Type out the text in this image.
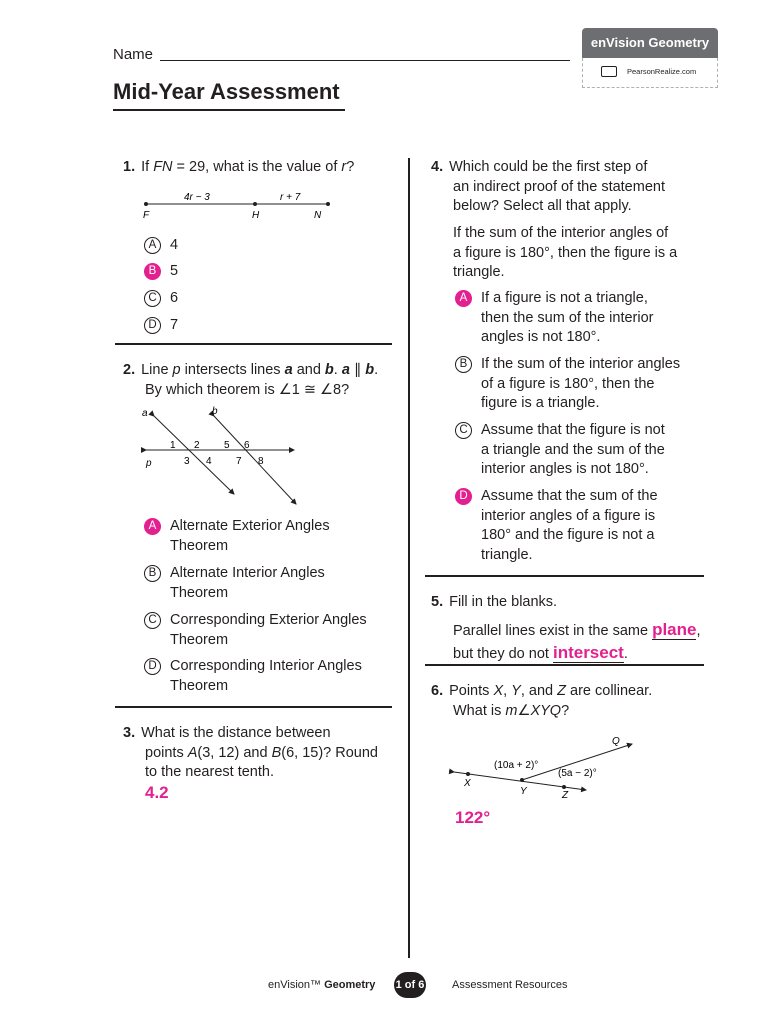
Name
Mid-Year Assessment
enVision Geometry
PearsonRealize.com
1. If FN = 29, what is the value of r?
4r − 3	r + 7
F	H	N
A 4
B 5
C 6
D 7
2. Line p intersects lines a and b. a ∥ b.
By which theorem is ∠1 ≅ ∠8?
a	b
p
1 2
3 4
5 6
7 8
A Alternate Exterior Angles
Theorem
B Alternate Interior Angles
Theorem
C Corresponding Exterior Angles
Theorem
D Corresponding Interior Angles
Theorem
3. What is the distance between
points A(3, 12) and B(6, 15)? Round
to the nearest tenth.
4.2
4. Which could be the first step of
an indirect proof of the statement
below? Select all that apply.
If the sum of the interior angles of
a figure is 180°, then the figure is a
triangle.
A If a figure is not a triangle,
then the sum of the interior
angles is not 180°.
B If the sum of the interior angles
of a figure is 180°, then the
figure is a triangle.
C Assume that the figure is not
a triangle and the sum of the
interior angles is not 180°.
D Assume that the sum of the
interior angles of a figure is
180° and the figure is not a
triangle.
5. Fill in the blanks.
Parallel lines exist in the same plane,
but they do not intersect.
6. Points X, Y, and Z are collinear.
What is m∠XYQ?
Q
X
Y	Z
(10a + 2)°
(5a − 2)°
122°
enVision™ Geometry 1 of 6	Assessment Resources
